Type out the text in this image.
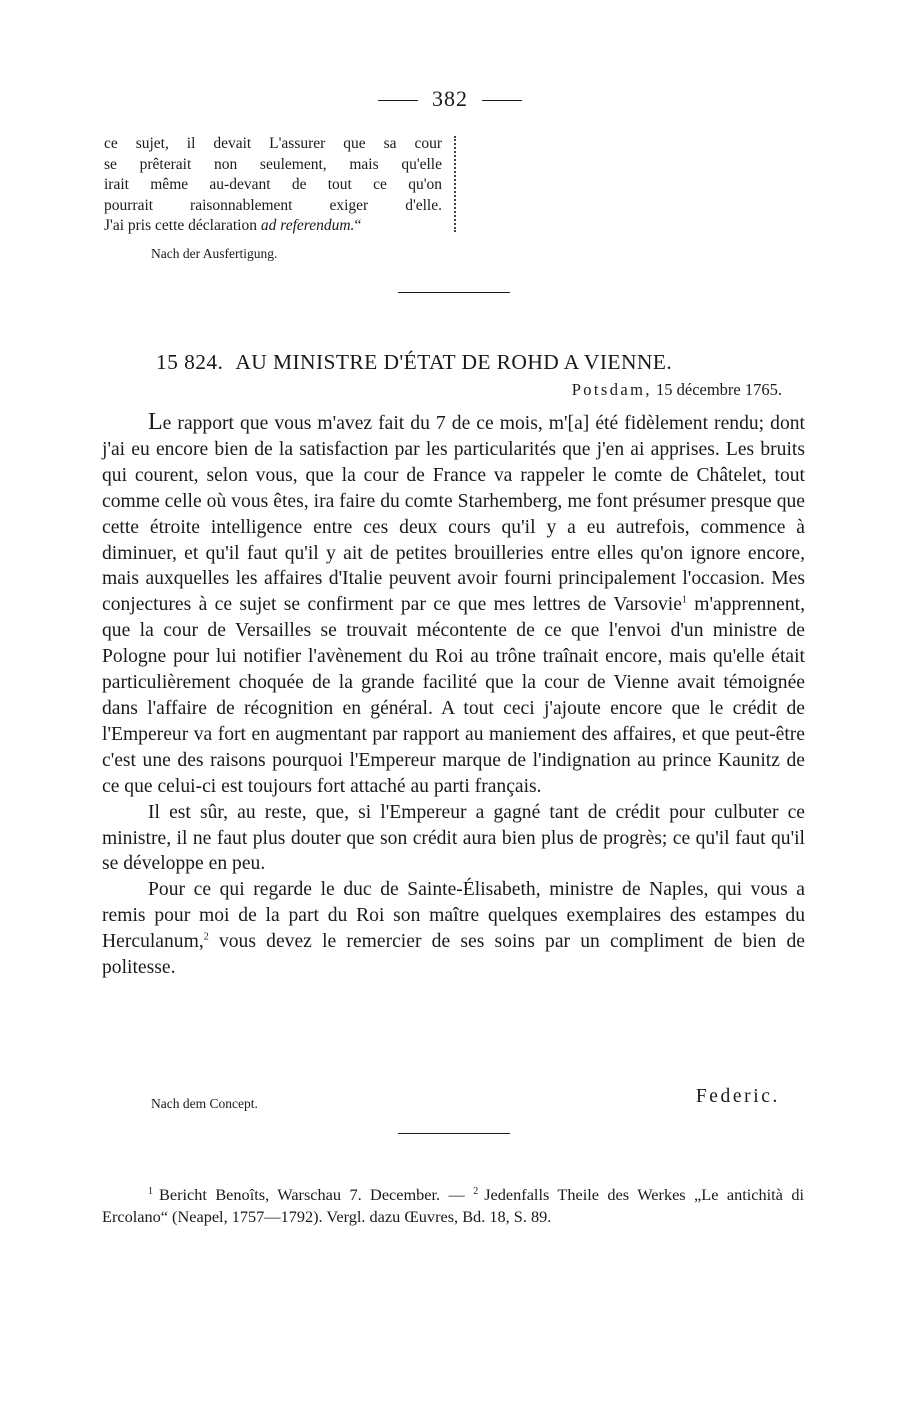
382
ce sujet, il devait L'assurer que sa cour
se prêterait non seulement, mais qu'elle
irait même au-devant de tout ce qu'on
pourrait raisonnablement exiger d'elle.
J'ai pris cette déclaration ad referendum.“
Nach der Ausfertigung.
15 824. AU MINISTRE D'ÉTAT DE ROHD A VIENNE.
Potsdam, 15 décembre 1765.

Le rapport que vous m'avez fait du 7 de ce mois, m'[a] été fidèlement rendu; dont j'ai eu encore bien de la satisfaction par les particularités que j'en ai apprises. Les bruits qui courent, selon vous, que la cour de France va rappeler le comte de Châtelet, tout comme celle où vous êtes, ira faire du comte Starhemberg, me font présumer presque que cette étroite intelligence entre ces deux cours qu'il y a eu autrefois, commence à diminuer, et qu'il faut qu'il y ait de petites brouilleries entre elles qu'on ignore encore, mais auxquelles les affaires d'Italie peuvent avoir fourni principalement l'occasion. Mes conjectures à ce sujet se confirment par ce que mes lettres de Varsovie$^1$ m'apprennent, que la cour de Versailles se trouvait mécontente de ce que l'envoi d'un ministre de Pologne pour lui notifier l'avènement du Roi au trône traînait encore, mais qu'elle était particulièrement choquée de la grande facilité que la cour de Vienne avait témoignée dans l'affaire de récognition en général. A tout ceci j'ajoute encore que le crédit de l'Empereur va fort en augmentant par rapport au maniement des affaires, et que peut-être c'est une des raisons pourquoi l'Empereur marque de l'indignation au prince Kaunitz de ce que celui-ci est toujours fort attaché au parti français.

Il est sûr, au reste, que, si l'Empereur a gagné tant de crédit pour culbuter ce ministre, il ne faut plus douter que son crédit aura bien plus de progrès; ce qu'il faut qu'il se développe en peu.

Pour ce qui regarde le duc de Sainte-Élisabeth, ministre de Naples, qui vous a remis pour moi de la part du Roi son maître quelques exemplaires des estampes du Herculanum,$^2$ vous devez le remercier de ses soins par un compliment de bien de politesse.

Nach dem Concept.	Federic.

$^1$ Bericht Benoîts, Warschau 7. December. — $^2$ Jedenfalls Theile des Werkes „Le antichità di Ercolano“ (Neapel, 1757—1792). Vergl. dazu Œuvres, Bd. 18, S. 89.
